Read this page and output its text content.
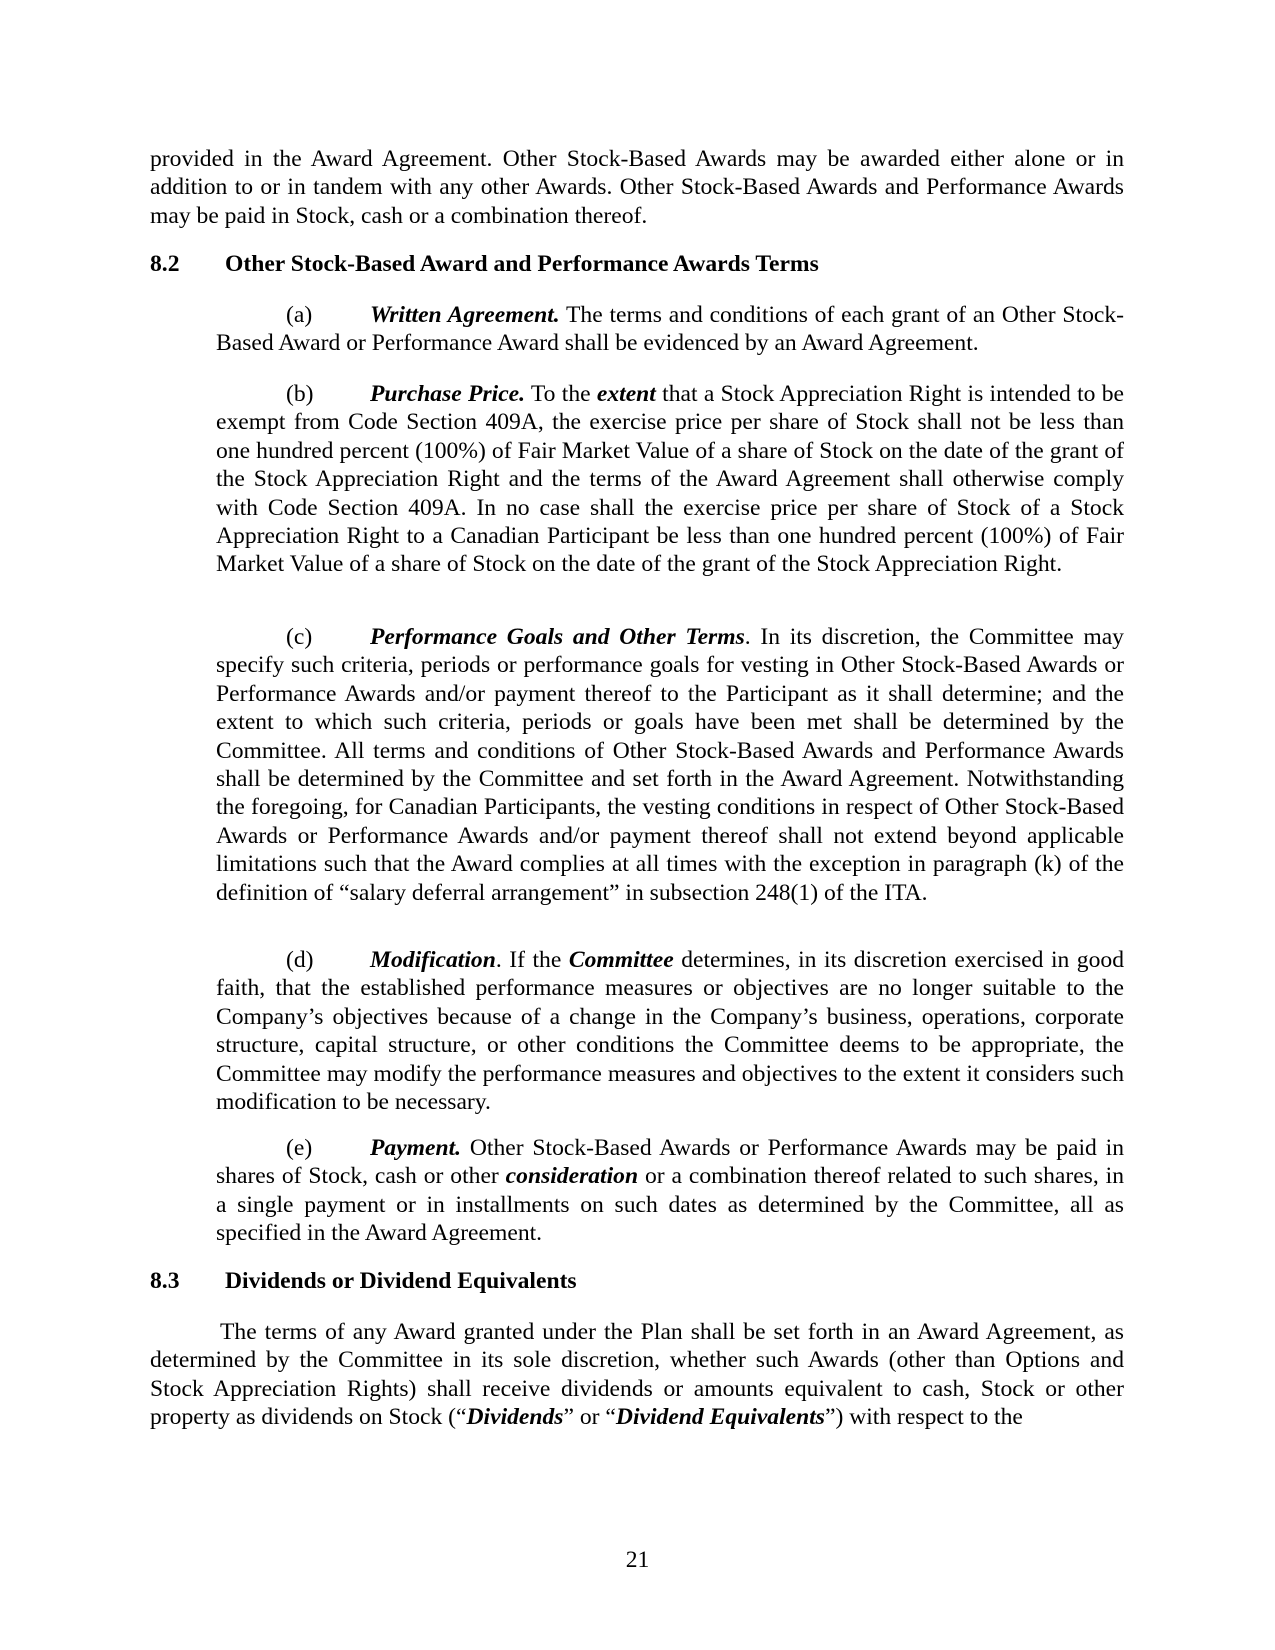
provided in the Award Agreement. Other Stock-Based Awards may be awarded either alone or in addition to or in tandem with any other Awards. Other Stock-Based Awards and Performance Awards may be paid in Stock, cash or a combination thereof.

8.2 Other Stock-Based Award and Performance Awards Terms

(a) Written Agreement. The terms and conditions of each grant of an Other Stock-Based Award or Performance Award shall be evidenced by an Award Agreement.

(b) Purchase Price. To the extent that a Stock Appreciation Right is intended to be exempt from Code Section 409A, the exercise price per share of Stock shall not be less than one hundred percent (100%) of Fair Market Value of a share of Stock on the date of the grant of the Stock Appreciation Right and the terms of the Award Agreement shall otherwise comply with Code Section 409A. In no case shall the exercise price per share of Stock of a Stock Appreciation Right to a Canadian Participant be less than one hundred percent (100%) of Fair Market Value of a share of Stock on the date of the grant of the Stock Appreciation Right.

(c) Performance Goals and Other Terms. In its discretion, the Committee may specify such criteria, periods or performance goals for vesting in Other Stock-Based Awards or Performance Awards and/or payment thereof to the Participant as it shall determine; and the extent to which such criteria, periods or goals have been met shall be determined by the Committee. All terms and conditions of Other Stock-Based Awards and Performance Awards shall be determined by the Committee and set forth in the Award Agreement. Notwithstanding the foregoing, for Canadian Participants, the vesting conditions in respect of Other Stock-Based Awards or Performance Awards and/or payment thereof shall not extend beyond applicable limitations such that the Award complies at all times with the exception in paragraph (k) of the definition of “salary deferral arrangement” in subsection 248(1) of the ITA.

(d) Modification. If the Committee determines, in its discretion exercised in good faith, that the established performance measures or objectives are no longer suitable to the Company’s objectives because of a change in the Company’s business, operations, corporate structure, capital structure, or other conditions the Committee deems to be appropriate, the Committee may modify the performance measures and objectives to the extent it considers such modification to be necessary.

(e) Payment. Other Stock-Based Awards or Performance Awards may be paid in shares of Stock, cash or other consideration or a combination thereof related to such shares, in a single payment or in installments on such dates as determined by the Committee, all as specified in the Award Agreement.

8.3 Dividends or Dividend Equivalents

The terms of any Award granted under the Plan shall be set forth in an Award Agreement, as determined by the Committee in its sole discretion, whether such Awards (other than Options and Stock Appreciation Rights) shall receive dividends or amounts equivalent to cash, Stock or other property as dividends on Stock (“Dividends” or “Dividend Equivalents”) with respect to the

21
